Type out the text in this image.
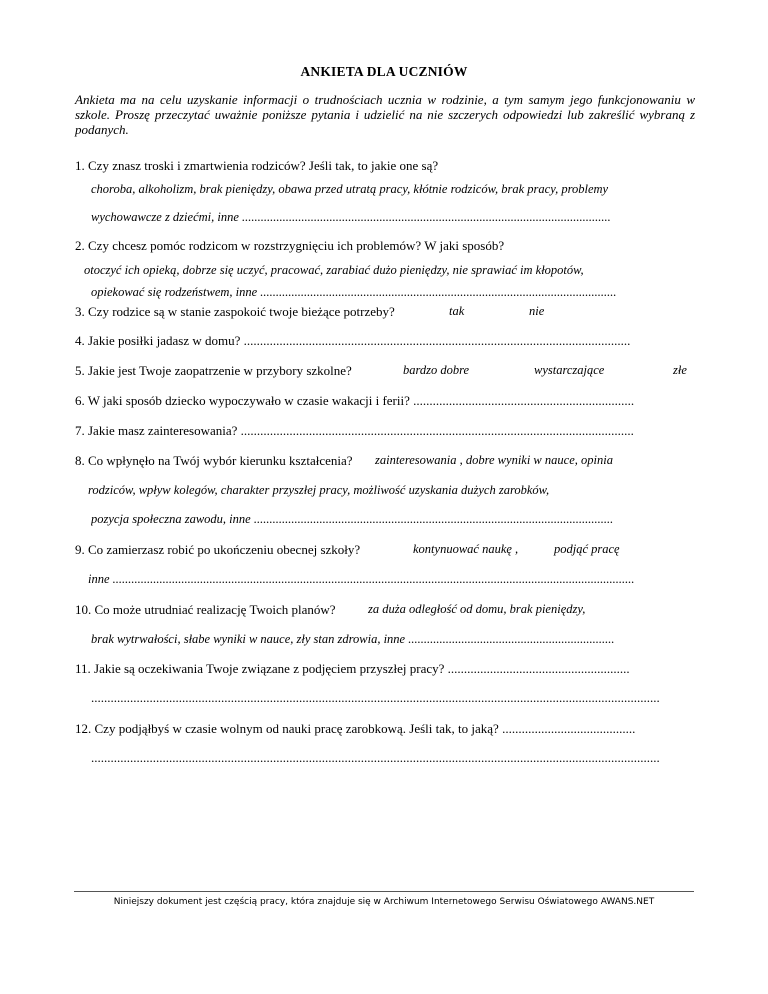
ANKIETA DLA UCZNIÓW
Ankieta ma na celu uzyskanie informacji o trudnościach ucznia w rodzinie, a tym samym jego funkcjonowaniu w szkole. Proszę przeczytać uważnie poniższe pytania i udzielić na nie szczerych odpowiedzi lub zakreślić wybraną z podanych.
1. Czy znasz troski i zmartwienia rodziców? Jeśli tak, to jakie one są?
choroba, alkoholizm, brak pieniędzy, obawa przed utratą pracy, kłótnie rodziców, brak pracy, problemy
wychowawcze z dziećmi, inne ......................................................................................................................
2. Czy chcesz pomóc rodzicom w rozstrzygnięciu ich problemów? W jaki sposób?
otoczyć ich opieką, dobrze się uczyć, pracować, zarabiać dużo pieniędzy, nie sprawiać im kłopotów,
opiekować się rodzeństwem, inne ..................................................................................................................
3. Czy rodzice są w stanie zaspokoić twoje bieżące potrzeby?	tak	nie
4. Jakie posiłki jadasz w domu? .......................................................................................................................
5. Jakie jest Twoje zaopatrzenie w przybory szkolne?	bardzo dobre	wystarczające	złe
6. W jaki sposób dziecko wypoczywało w czasie wakacji i ferii? ....................................................................
7. Jakie masz zainteresowania? .........................................................................................................................
8. Co wpłynęło na Twój wybór kierunku kształcenia? zainteresowania , dobre wyniki w nauce, opinia
rodziców, wpływ kolegów, charakter przyszłej pracy, możliwość uzyskania dużych zarobków,
pozycja społeczna zawodu, inne ...................................................................................................................
9. Co zamierzasz robić po ukończeniu obecnej szkoły?	kontynuować naukę ,	podjąć pracę
inne .......................................................................................................................................................................
10. Co może utrudniać realizację Twoich planów?	za duża odległość od domu, brak pieniędzy,
brak wytrwałości, słabe wyniki w nauce, zły stan zdrowia, inne ..................................................................
11. Jakie są oczekiwania Twoje związane z podjęciem przyszłej pracy? ........................................................
...............................................................................................................................................................................
12. Czy podjąłbyś w czasie wolnym od nauki pracę zarobkową. Jeśli tak, to jaką? .........................................
...............................................................................................................................................................................
Niniejszy dokument jest częścią pracy, która znajduje się w Archiwum Internetowego Serwisu Oświatowego AWANS.NET
